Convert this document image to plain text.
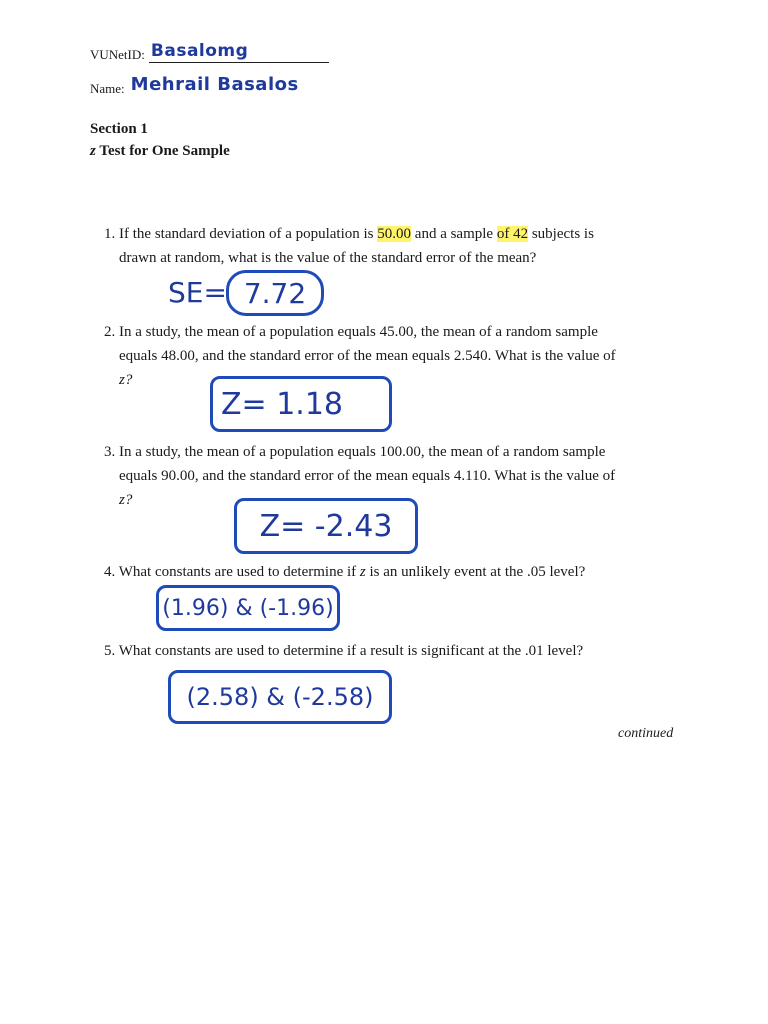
VUNetID: Basalomg
Name: Mehrail Basalos
Section 1
z Test for One Sample
1. If the standard deviation of a population is 50.00 and a sample of 42 subjects is
drawn at random, what is the value of the standard error of the mean?
SE= 7.72
2. In a study, the mean of a population equals 45.00, the mean of a random sample
equals 48.00, and the standard error of the mean equals 2.540. What is the value of
z?
Z= 1.18
3. In a study, the mean of a population equals 100.00, the mean of a random sample
equals 90.00, and the standard error of the mean equals 4.110. What is the value of
z?
Z= -2.43
4. What constants are used to determine if z is an unlikely event at the .05 level?
(1.96) & (-1.96)
5. What constants are used to determine if a result is significant at the .01 level?
(2.58) & (-2.58)
continued
